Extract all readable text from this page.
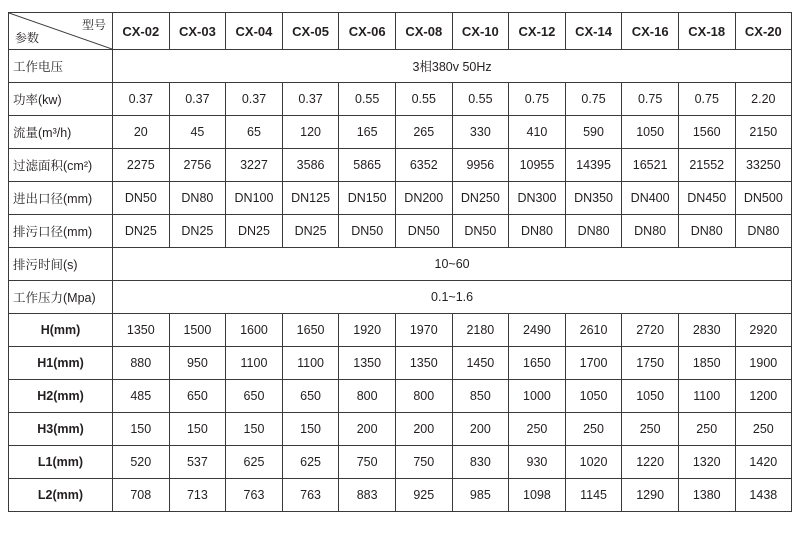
型号
参数	CX-02	CX-03	CX-04	CX-05	CX-06	CX-08	CX-10	CX-12	CX-14	CX-16	CX-18	CX-20
工作电压	3相380v 50Hz											
功率(kw)	0.37	0.37	0.37	0.37	0.55	0.55	0.55	0.75	0.75	0.75	0.75	2.20
流量(m³/h)	20	45	65	120	165	265	330	410	590	1050	1560	2150
过滤面积(cm²)	2275	2756	3227	3586	5865	6352	9956	10955	14395	16521	21552	33250
进出口径(mm)	DN50	DN80	DN100	DN125	DN150	DN200	DN250	DN300	DN350	DN400	DN450	DN500
排污口径(mm)	DN25	DN25	DN25	DN25	DN50	DN50	DN50	DN80	DN80	DN80	DN80	DN80
排污时间(s)	10~60											
工作压力(Mpa)	0.1~1.6											
H(mm)	1350	1500	1600	1650	1920	1970	2180	2490	2610	2720	2830	2920
H1(mm)	880	950	1100	1100	1350	1350	1450	1650	1700	1750	1850	1900
H2(mm)	485	650	650	650	800	800	850	1000	1050	1050	1100	1200
H3(mm)	150	150	150	150	200	200	200	250	250	250	250	250
L1(mm)	520	537	625	625	750	750	830	930	1020	1220	1320	1420
L2(mm)	708	713	763	763	883	925	985	1098	1145	1290	1380	1438
